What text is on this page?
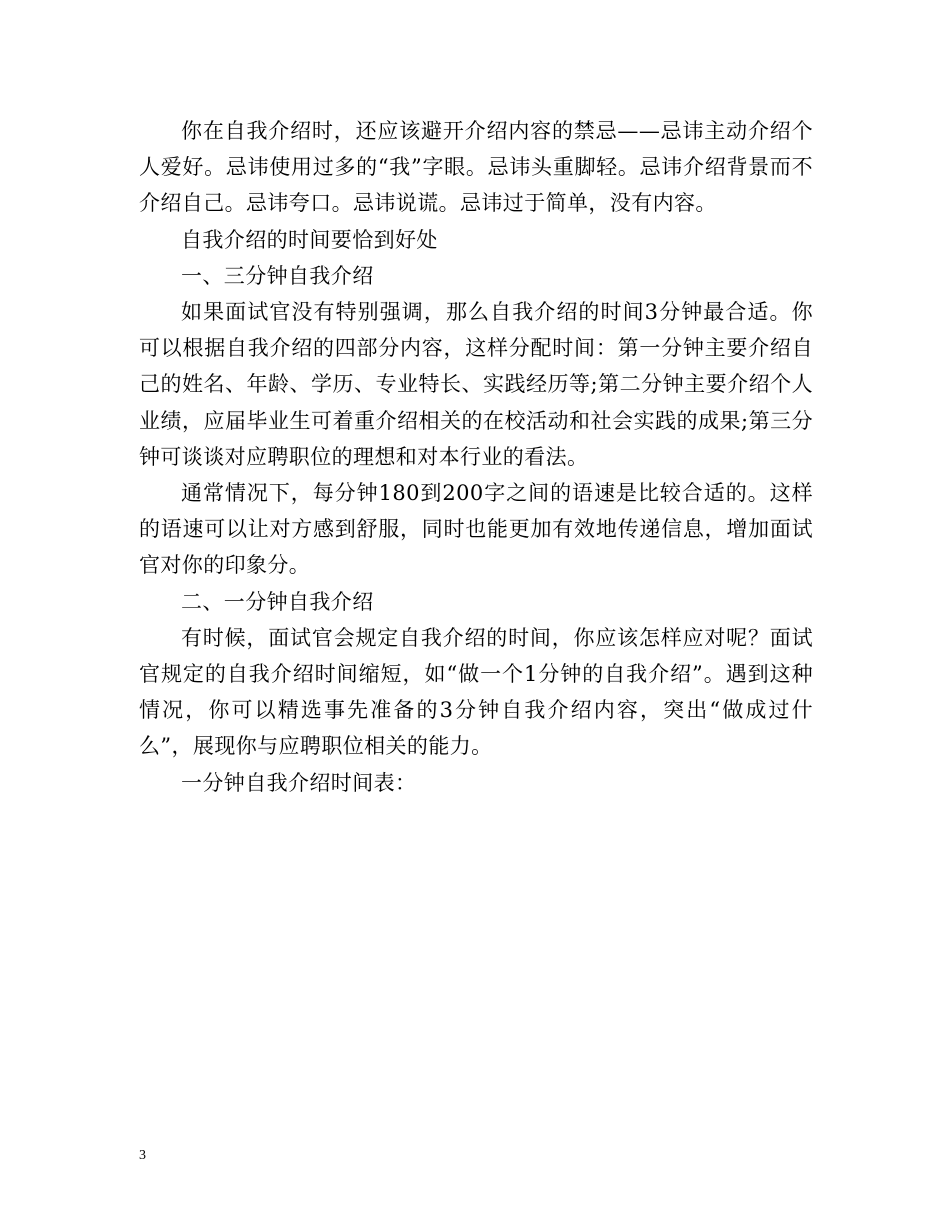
你在自我介绍时，还应该避开介绍内容的禁忌——忌讳主动介绍个人爱好。忌讳使用过多的“我”字眼。忌讳头重脚轻。忌讳介绍背景而不介绍自己。忌讳夸口。忌讳说谎。忌讳过于简单，没有内容。

自我介绍的时间要恰到好处

一、三分钟自我介绍

如果面试官没有特别强调，那么自我介绍的时间3分钟最合适。你可以根据自我介绍的四部分内容，这样分配时间：第一分钟主要介绍自己的姓名、年龄、学历、专业特长、实践经历等;第二分钟主要介绍个人业绩，应届毕业生可着重介绍相关的在校活动和社会实践的成果;第三分钟可谈谈对应聘职位的理想和对本行业的看法。

通常情况下，每分钟180到200字之间的语速是比较合适的。这样的语速可以让对方感到舒服，同时也能更加有效地传递信息，增加面试官对你的印象分。

二、一分钟自我介绍

有时候，面试官会规定自我介绍的时间，你应该怎样应对呢？面试官规定的自我介绍时间缩短，如“做一个1分钟的自我介绍”。遇到这种情况，你可以精选事先准备的3分钟自我介绍内容，突出“做成过什么”，展现你与应聘职位相关的能力。

一分钟自我介绍时间表：

3
